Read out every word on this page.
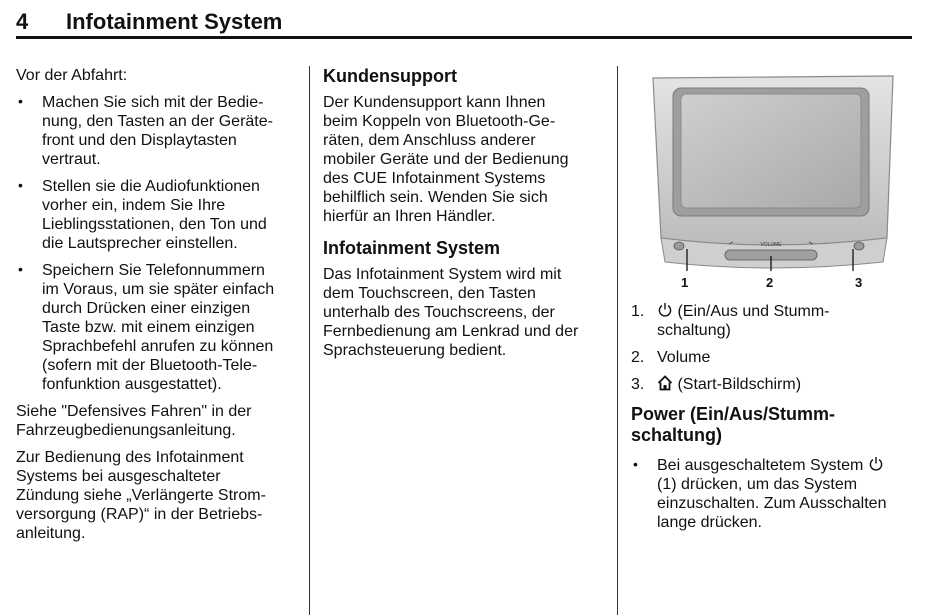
4 Infotainment System

Vor der Abfahrt:

• Machen Sie sich mit der Bedie-
nung, den Tasten an der Geräte-
front und den Displaytasten
vertraut.
• Stellen sie die Audiofunktionen
vorher ein, indem Sie Ihre
Lieblingsstationen, den Ton und
die Lautsprecher einstellen.
• Speichern Sie Telefonnummern
im Voraus, um sie später einfach
durch Drücken einer einzigen
Taste bzw. mit einem einzigen
Sprachbefehl anrufen zu können
(sofern mit der Bluetooth-Tele-
fonfunktion ausgestattet).

Siehe "Defensives Fahren" in der
Fahrzeugbedienungsanleitung.

Zur Bedienung des Infotainment
Systems bei ausgeschalteter
Zündung siehe „Verlängerte Strom-
versorgung (RAP)“ in der Betriebs-
anleitung.

Kundensupport

Der Kundensupport kann Ihnen
beim Koppeln von Bluetooth-Ge-
räten, dem Anschluss anderer
mobiler Geräte und der Bedienung
des CUE Infotainment Systems
behilflich sein. Wenden Sie sich
hierfür an Ihren Händler.

Infotainment System

Das Infotainment System wird mit
dem Touchscreen, den Tasten
unterhalb des Touchscreens, der
Fernbedienung am Lenkrad und der
Sprachsteuerung bedient.

VOLUME
1	2	3
1. (Ein/Aus und Stumm-
schaltung)
2. Volume
3. (Start-Bildschirm)
Power (Ein/Aus/Stumm-
schaltung)
• Bei ausgeschaltetem System
(1) drücken, um das System
einzuschalten. Zum Ausschalten
lange drücken.
